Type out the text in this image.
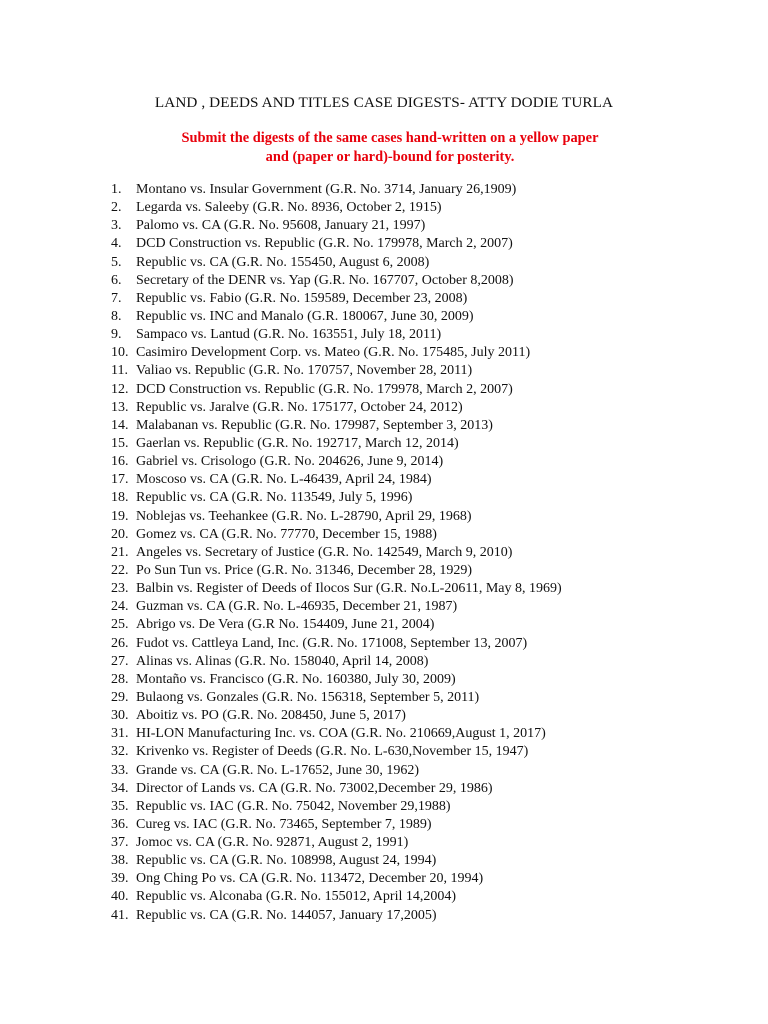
LAND , DEEDS AND TITLES CASE DIGESTS- ATTY DODIE TURLA
Submit the digests of the same cases hand-written on a yellow paper
and (paper or hard)-bound for posterity.
1. Montano vs. Insular Government (G.R. No. 3714, January 26,1909)
2. Legarda vs. Saleeby (G.R. No. 8936, October 2, 1915)
3. Palomo vs. CA (G.R. No. 95608, January 21, 1997)
4. DCD Construction vs. Republic (G.R. No. 179978, March 2, 2007)
5. Republic vs. CA (G.R. No. 155450, August 6, 2008)
6. Secretary of the DENR vs. Yap (G.R. No. 167707, October 8,2008)
7. Republic vs. Fabio (G.R. No. 159589, December 23, 2008)
8. Republic vs. INC and Manalo (G.R. 180067, June 30, 2009)
9. Sampaco vs. Lantud (G.R. No. 163551, July 18, 2011)
10. Casimiro Development Corp. vs. Mateo (G.R. No. 175485, July 2011)
11. Valiao vs. Republic (G.R. No. 170757, November 28, 2011)
12. DCD Construction vs. Republic (G.R. No. 179978, March 2, 2007)
13. Republic vs. Jaralve (G.R. No. 175177, October 24, 2012)
14. Malabanan vs. Republic (G.R. No. 179987, September 3, 2013)
15. Gaerlan vs. Republic (G.R. No. 192717, March 12, 2014)
16. Gabriel vs. Crisologo (G.R. No. 204626, June 9, 2014)
17. Moscoso vs. CA (G.R. No. L-46439, April 24, 1984)
18. Republic vs. CA (G.R. No. 113549, July 5, 1996)
19. Noblejas vs. Teehankee (G.R. No. L-28790, April 29, 1968)
20. Gomez vs. CA (G.R. No. 77770, December 15, 1988)
21. Angeles vs. Secretary of Justice (G.R. No. 142549, March 9, 2010)
22. Po Sun Tun vs. Price (G.R. No. 31346, December 28, 1929)
23. Balbin vs. Register of Deeds of Ilocos Sur (G.R. No.L-20611, May 8, 1969)
24. Guzman vs. CA (G.R. No. L-46935, December 21, 1987)
25. Abrigo vs. De Vera (G.R No. 154409, June 21, 2004)
26. Fudot vs. Cattleya Land, Inc. (G.R. No. 171008, September 13, 2007)
27. Alinas vs. Alinas (G.R. No. 158040, April 14, 2008)
28. Montaño vs. Francisco (G.R. No. 160380, July 30, 2009)
29. Bulaong vs. Gonzales (G.R. No. 156318, September 5, 2011)
30. Aboitiz vs. PO (G.R. No. 208450, June 5, 2017)
31. HI-LON Manufacturing Inc. vs. COA (G.R. No. 210669,August 1, 2017)
32. Krivenko vs. Register of Deeds (G.R. No. L-630,November 15, 1947)
33. Grande vs. CA (G.R. No. L-17652, June 30, 1962)
34. Director of Lands vs. CA (G.R. No. 73002,December 29, 1986)
35. Republic vs. IAC (G.R. No. 75042, November 29,1988)
36. Cureg vs. IAC (G.R. No. 73465, September 7, 1989)
37. Jomoc vs. CA (G.R. No. 92871, August 2, 1991)
38. Republic vs. CA (G.R. No. 108998, August 24, 1994)
39. Ong Ching Po vs. CA (G.R. No. 113472, December 20, 1994)
40. Republic vs. Alconaba (G.R. No. 155012, April 14,2004)
41. Republic vs. CA (G.R. No. 144057, January 17,2005)
